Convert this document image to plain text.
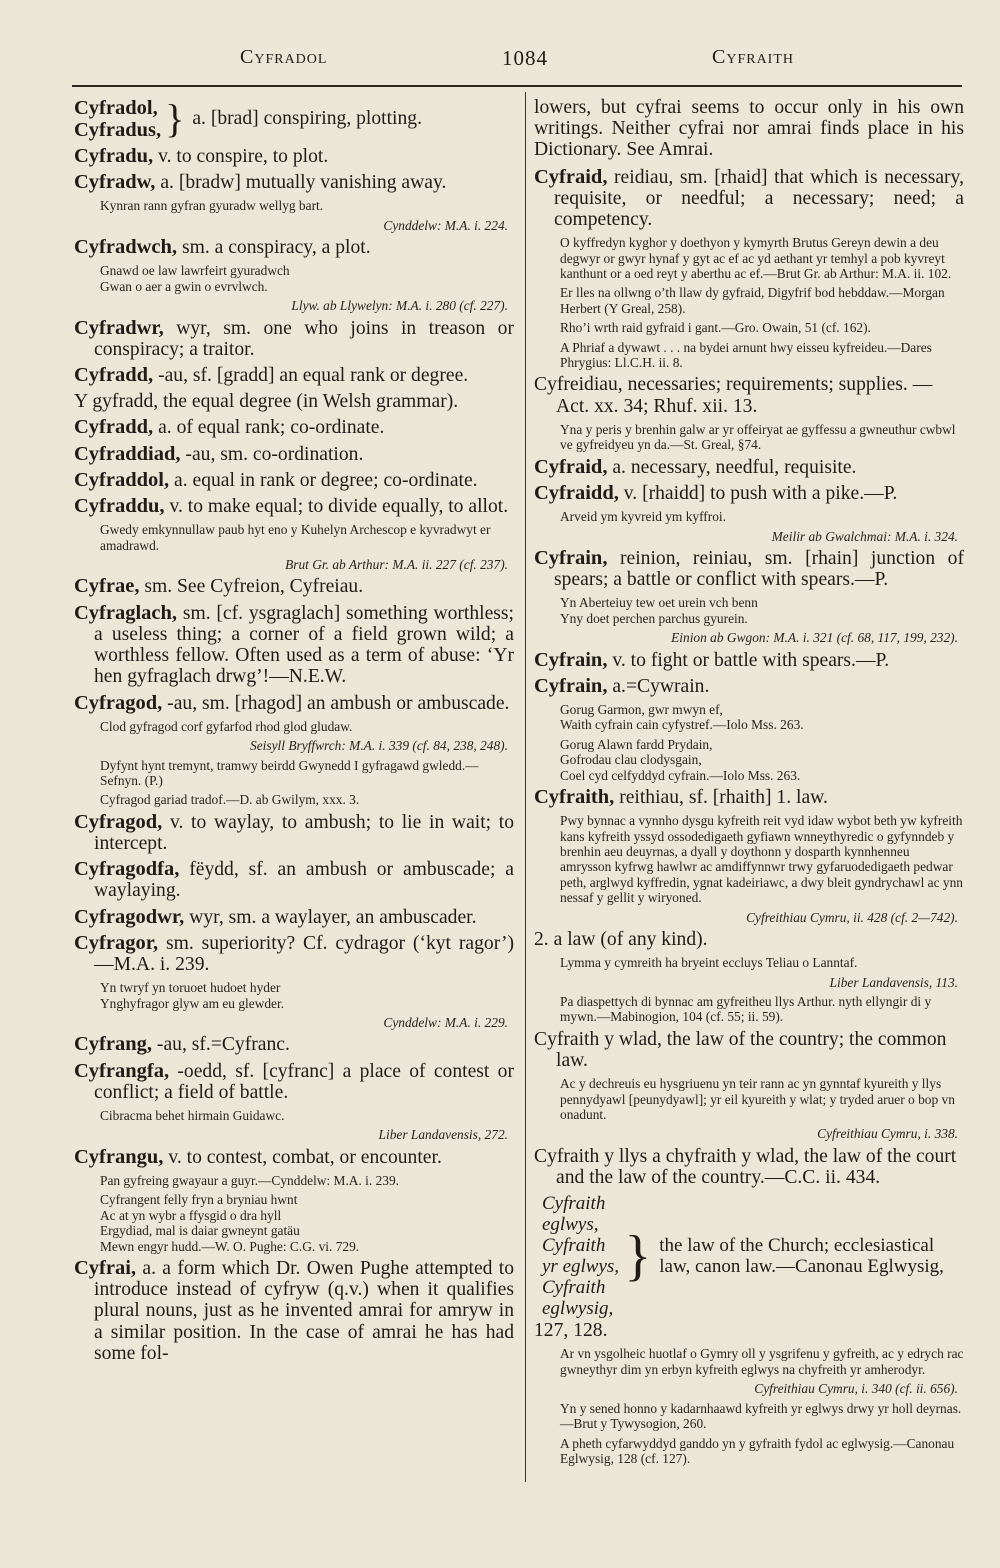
Cyfradol	1084	Cyfraith
Cyfradol,
Cyfradus, } a. [brad] conspiring, plotting.

Cyfradu, v. to conspire, to plot.

Cyfradw, a. [bradw] mutually vanishing away.

Kynran rann gyfran gyuradw wellyg bart.
Cynddelw: M.A. i. 224.

Cyfradwch, sm. a conspiracy, a plot.

Gnawd oe law lawrfeirt gyuradwch
Gwan o aer a gwin o evrvlwch.
Llyw. ab Llywelyn: M.A. i. 280 (cf. 227).

Cyfradwr, wyr, sm. one who joins in treason or conspiracy; a traitor.

Cyfradd, -au, sf. [gradd] an equal rank or degree.

Y gyfradd, the equal degree (in Welsh grammar).

Cyfradd, a. of equal rank; co-ordinate.

Cyfraddiad, -au, sm. co-ordination.

Cyfraddol, a. equal in rank or degree; co-ordinate.

Cyfraddu, v. to make equal; to divide equally, to allot.

Gwedy emkynnullaw paub hyt eno y Kuhelyn Archescop e kyvradwyt er amadrawd.
Brut Gr. ab Arthur: M.A. ii. 227 (cf. 237).

Cyfrae, sm. See Cyfreion, Cyfreiau.

Cyfraglach, sm. [cf. ysgraglach] something worthless; a useless thing; a corner of a field grown wild; a worthless fellow. Often used as a term of abuse: ‘Yr hen gyfraglach drwg’!—N.E.W.

Cyfragod, -au, sm. [rhagod] an ambush or ambuscade.

Clod gyfragod corf gyfarfod rhod glod gludaw.
Seisyll Bryffwrch: M.A. i. 339 (cf. 84, 238, 248).
Dyfynt hynt tremynt, tramwy beirdd Gwynedd I gyfragawd gwledd.—Sefnyn. (P.)
Cyfragod gariad tradof.—D. ab Gwilym, xxx. 3.

Cyfragod, v. to waylay, to ambush; to lie in wait; to intercept.

Cyfragodfa, fëydd, sf. an ambush or ambuscade; a waylaying.

Cyfragodwr, wyr, sm. a waylayer, an ambuscader.

Cyfragor, sm. superiority? Cf. cydragor (‘kyt ragor’)—M.A. i. 239.

Yn twryf yn toruoet hudoet hyder
Ynghyfragor glyw am eu glewder.
Cynddelw: M.A. i. 229.

Cyfrang, -au, sf.=Cyfranc.

Cyfrangfa, -oedd, sf. [cyfranc] a place of contest or conflict; a field of battle.

Cibracma behet hirmain Guidawc.
Liber Landavensis, 272.

Cyfrangu, v. to contest, combat, or encounter.

Pan gyfreing gwayaur a guyr.—Cynddelw: M.A. i. 239.
Cyfrangent felly fryn a bryniau hwnt
Ac at yn wybr a ffysgid o dra hyll
Ergydiad, mal is daiar gwneynt gatäu
Mewn engyr hudd.—W. O. Pughe: C.G. vi. 729.

Cyfrai, a. a form which Dr. Owen Pughe attempted to introduce instead of cyfryw (q.v.) when it qualifies plural nouns, just as he invented amrai for amryw in a similar position. In the case of amrai he has had some fol-

lowers, but cyfrai seems to occur only in his own writings. Neither cyfrai nor amrai finds place in his Dictionary. See Amrai.

Cyfraid, reidiau, sm. [rhaid] that which is necessary, requisite, or needful; a necessary; need; a competency.

O kyffredyn kyghor y doethyon y kymyrth Brutus Gereyn dewin a deu degwyr or gwyr hynaf y gyt ac ef ac yd aethant yr temhyl a pob kyvreyt kanthunt or a oed reyt y aberthu ac ef.—Brut Gr. ab Arthur: M.A. ii. 102.
Er lles na ollwng o’th llaw dy gyfraid, Digyfrif bod hebddaw.—Morgan Herbert (Y Greal, 258).
Rho’i wrth raid gyfraid i gant.—Gro. Owain, 51 (cf. 162).
A Phriaf a dywawt . . . na bydei arnunt hwy eisseu kyfreideu.—Dares Phrygius: Ll.C.H. ii. 8.

Cyfreidiau, necessaries; requirements; supplies. —Act. xx. 34; Rhuf. xii. 13.

Yna y peris y brenhin galw ar yr offeiryat ae gyffessu a gwneuthur cwbwl ve gyfreidyeu yn da.—St. Greal, §74.

Cyfraid, a. necessary, needful, requisite.

Cyfraidd, v. [rhaidd] to push with a pike.—P.

Arveid ym kyvreid ym kyffroi.
Meilir ab Gwalchmai: M.A. i. 324.

Cyfrain, reinion, reiniau, sm. [rhain] junction of spears; a battle or conflict with spears.—P.

Yn Aberteiuy tew oet urein vch benn
Yny doet perchen parchus gyurein.
Einion ab Gwgon: M.A. i. 321 (cf. 68, 117, 199, 232).

Cyfrain, v. to fight or battle with spears.—P.

Cyfrain, a.=Cywrain.

Gorug Garmon, gwr mwyn ef,
Waith cyfrain cain cyfystref.—Iolo Mss. 263.
Gorug Alawn fardd Prydain,
Gofrodau clau clodysgain,
Coel cyd celfyddyd cyfrain.—Iolo Mss. 263.

Cyfraith, reithiau, sf. [rhaith] 1. law.

Pwy bynnac a vynnho dysgu kyfreith reit vyd idaw wybot beth yw kyfreith kans kyfreith yssyd ossodedigaeth gyfiawn wnneythyredic o gyfynndeb y brenhin aeu deuyrnas, a dyall y doythonn y dosparth kynnhenneu amrysson kyfrwg hawlwr ac amdiffynnwr trwy gyfaruodedigaeth pedwar peth, arglwyd kyffredin, ygnat kadeiriawc, a dwy bleit gyndrychawl ac ynn nessaf y gellit y wiryoned.
Cyfreithiau Cymru, ii. 428 (cf. 2—742).

2. a law (of any kind).

Lymma y cymreith ha bryeint eccluys Teliau o Lanntaf.
Liber Landavensis, 113.
Pa diaspettych di bynnac am gyfreitheu llys Arthur. nyth ellyngir di y mywn.—Mabinogion, 104 (cf. 55; ii. 59).

Cyfraith y wlad, the law of the country; the common law.

Ac y dechreuis eu hysgriuenu yn teir rann ac yn gynntaf kyureith y llys pennydyawl [peunydyawl]; yr eil kyureith y wlat; y tryded aruer o bop vn onadunt.
Cyfreithiau Cymru, i. 338.

Cyfraith y llys a chyfraith y wlad, the law of the court and the law of the country.—C.C. ii. 434.

Cyfraith eglwys,
Cyfraith yr eglwys,
Cyfraith eglwysig,
} the law of the Church; ecclesiastical law, canon law.—Canonau Eglwysig,

127, 128.

Ar vn ysgolheic huotlaf o Gymry oll y ysgrifenu y gyfreith, ac y edrych rac gwneythyr dim yn erbyn kyfreith eglwys na chyfreith yr amherodyr.
Cyfreithiau Cymru, i. 340 (cf. ii. 656).
Yn y sened honno y kadarnhaawd kyfreith yr eglwys drwy yr holl deyrnas.—Brut y Tywysogion, 260.
A pheth cyfarwyddyd ganddo yn y gyfraith fydol ac eglwysig.—Canonau Eglwysig, 128 (cf. 127).
